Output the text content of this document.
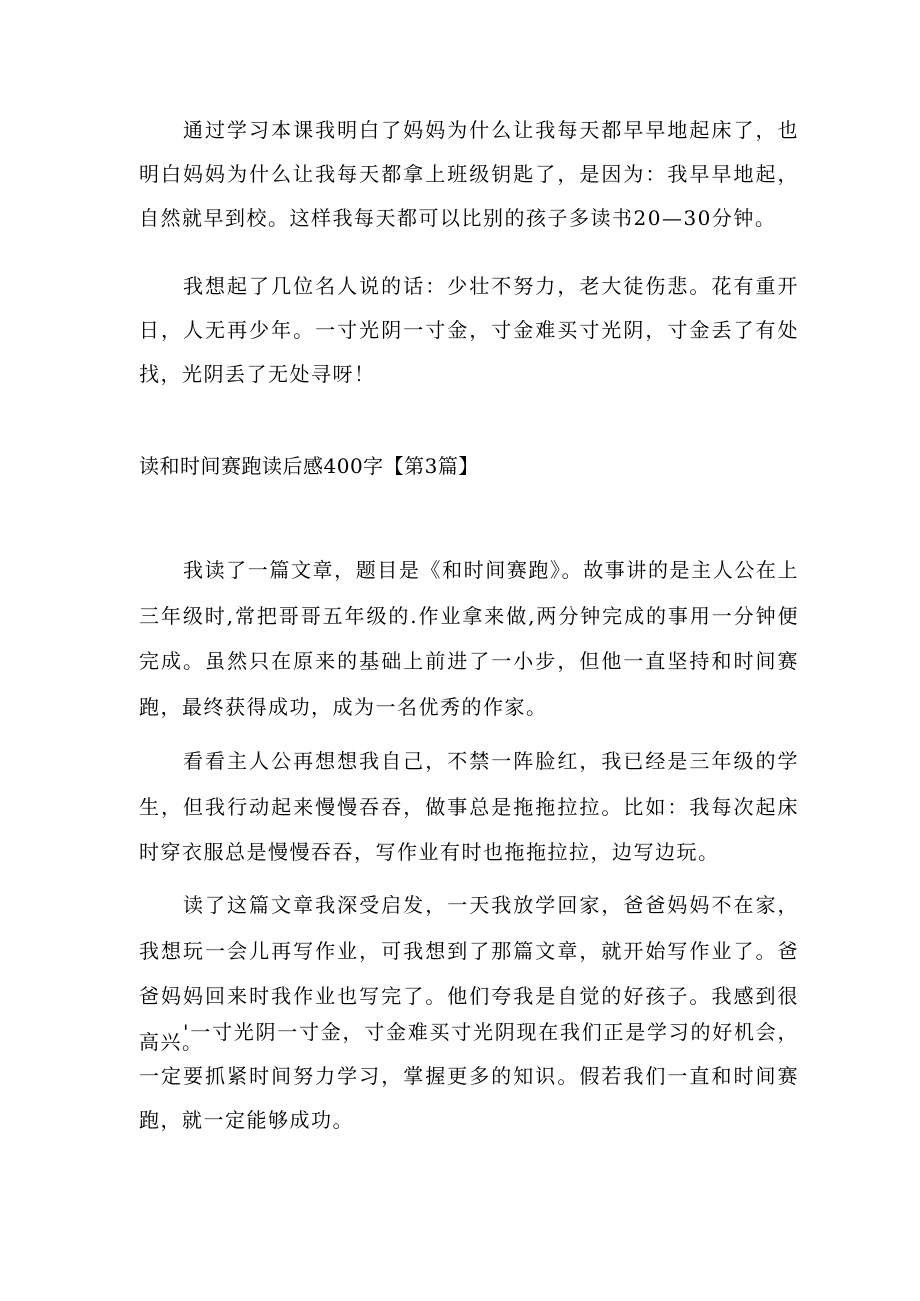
通过学习本课我明白了妈妈为什么让我每天都早早地起床了，也明白妈妈为什么让我每天都拿上班级钥匙了，是因为：我早早地起，自然就早到校。这样我每天都可以比别的孩子多读书20—30分钟。

我想起了几位名人说的话：少壮不努力，老大徒伤悲。花有重开日，人无再少年。一寸光阴一寸金，寸金难买寸光阴，寸金丢了有处找，光阴丢了无处寻呀！

读和时间赛跑读后感400字【第3篇】

我读了一篇文章，题目是《和时间赛跑》。故事讲的是主人公在上三年级时,常把哥哥五年级的.作业拿来做,两分钟完成的事用一分钟便完成。虽然只在原来的基础上前进了一小步，但他一直坚持和时间赛跑，最终获得成功，成为一名优秀的作家。

看看主人公再想想我自己，不禁一阵脸红，我已经是三年级的学生，但我行动起来慢慢吞吞，做事总是拖拖拉拉。比如：我每次起床时穿衣服总是慢慢吞吞，写作业有时也拖拖拉拉，边写边玩。

读了这篇文章我深受启发，一天我放学回家，爸爸妈妈不在家，我想玩一会儿再写作业，可我想到了那篇文章，就开始写作业了。爸爸妈妈回来时我作业也写完了。他们夸我是自觉的好孩子。我感到很高兴。

'一寸光阴一寸金，寸金难买寸光阴现在我们正是学习的好机会，一定要抓紧时间努力学习，掌握更多的知识。假若我们一直和时间赛跑，就一定能够成功。
